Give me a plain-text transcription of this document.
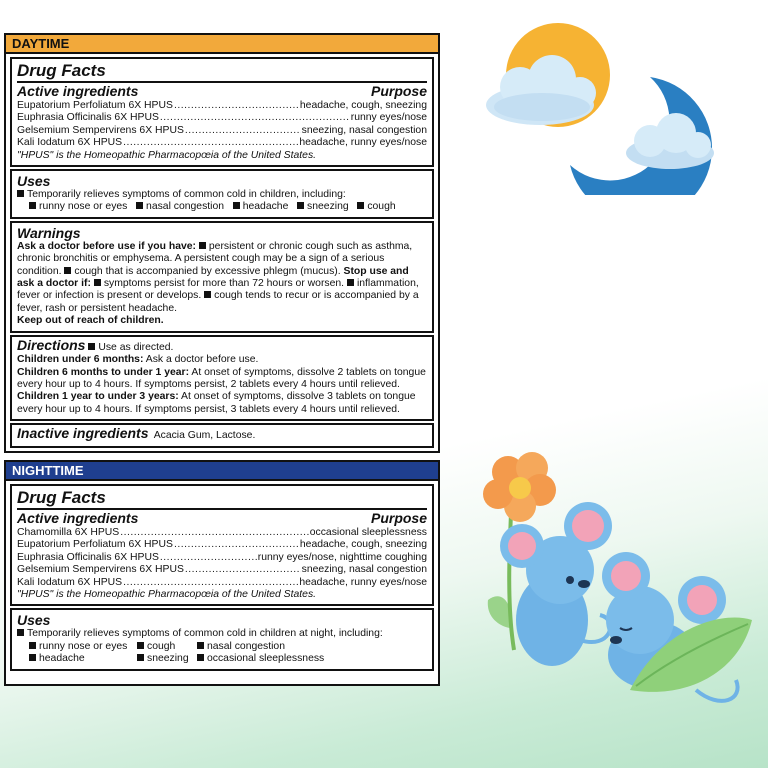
DAYTIME
Drug Facts
Active ingredients	Purpose
Eupatorium Perfoliatum 6X HPUS .....	headache, cough, sneezing
Euphrasia Officinalis 6X HPUS .....	runny eyes/nose
Gelsemium Sempervirens 6X HPUS .....	sneezing, nasal congestion
Kali Iodatum 6X HPUS .....	headache, runny eyes/nose
"HPUS" is the Homeopathic Pharmacopœia of the United States.
Uses
Temporarily relieves symptoms of common cold in children, including:
runny nose or eyes nasal congestion headache sneezing cough
Warnings
Ask a doctor before use if you have: persistent or chronic cough such as asthma, chronic bronchitis or emphysema. A persistent cough may be a sign of a serious condition. cough that is accompanied by excessive phlegm (mucus). Stop use and ask a doctor if: symptoms persist for more than 72 hours or worsen. inflammation, fever or infection is present or develops. cough tends to recur or is accompanied by a fever, rash or persistent headache.
Keep out of reach of children.
Directions Use as directed.
Children under 6 months: Ask a doctor before use.
Children 6 months to under 1 year: At onset of symptoms, dissolve 2 tablets on tongue every hour up to 4 hours. If symptoms persist, 2 tablets every 4 hours until relieved.
Children 1 year to under 3 years: At onset of symptoms, dissolve 3 tablets on tongue every hour up to 4 hours. If symptoms persist, 3 tablets every 4 hours until relieved.
Inactive ingredients Acacia Gum, Lactose.
NIGHTTIME
Drug Facts
Active ingredients	Purpose
Chamomilla 6X HPUS .....	occasional sleeplessness
Eupatorium Perfoliatum 6X HPUS .....	headache, cough, sneezing
Euphrasia Officinalis 6X HPUS .....	runny eyes/nose, nighttime coughing
Gelsemium Sempervirens 6X HPUS .....	sneezing, nasal congestion
Kali Iodatum 6X HPUS .....	headache, runny eyes/nose
"HPUS" is the Homeopathic Pharmacopœia of the United States.
Uses
Temporarily relieves symptoms of common cold in children at night, including:
runny nose or eyes	cough	nasal congestion
headache	sneezing	occasional sleeplessness
